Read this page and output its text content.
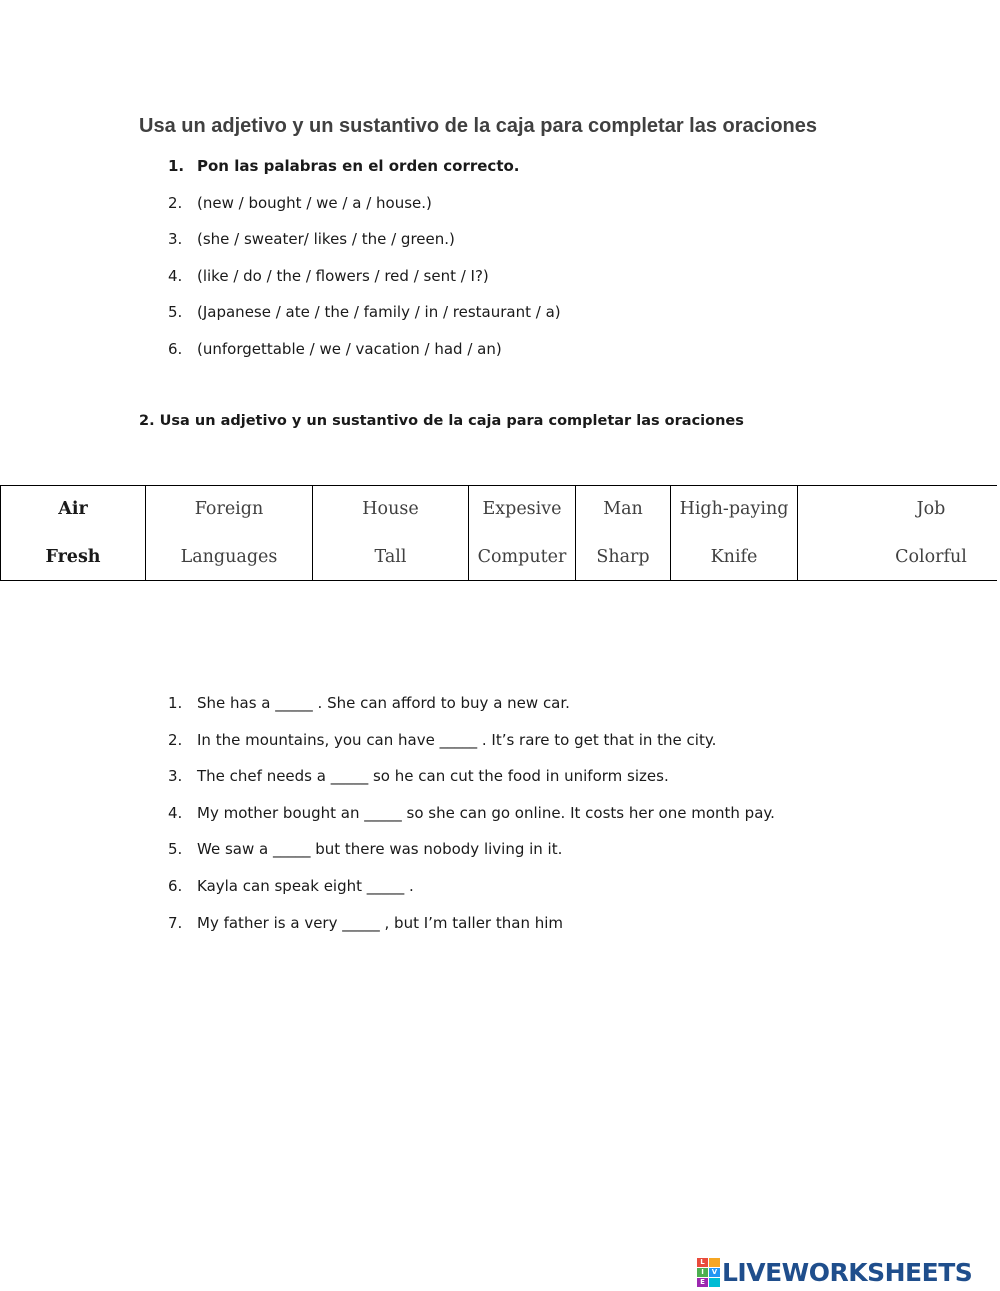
Usa un adjetivo y un sustantivo de la caja para completar las oraciones
1. Pon las palabras en el orden correcto.
2. (new / bought / we / a / house.)
3. (she / sweater/ likes / the / green.)
4. (like / do / the / flowers / red / sent / I?)
5. (Japanese / ate / the / family / in / restaurant / a)
6. (unforgettable / we / vacation / had / an)
2. Usa un adjetivo y un sustantivo de la caja para completar las oraciones
Air	Foreign	House	Expesive	Man	High-paying	Job
Fresh	Languages	Tall	Computer	Sharp	Knife	Colorful
1. She has a _____ . She can afford to buy a new car.
2. In the mountains, you can have _____ . It’s rare to get that in the city.
3. The chef needs a _____ so he can cut the food in uniform sizes.
4. My mother bought an _____ so she can go online. It costs her one month pay.
5. We saw a _____ but there was nobody living in it.
6. Kayla can speak eight _____ .
7. My father is a very _____ , but I’m taller than him
L
I	V
E LIVEWORKSHEETS
